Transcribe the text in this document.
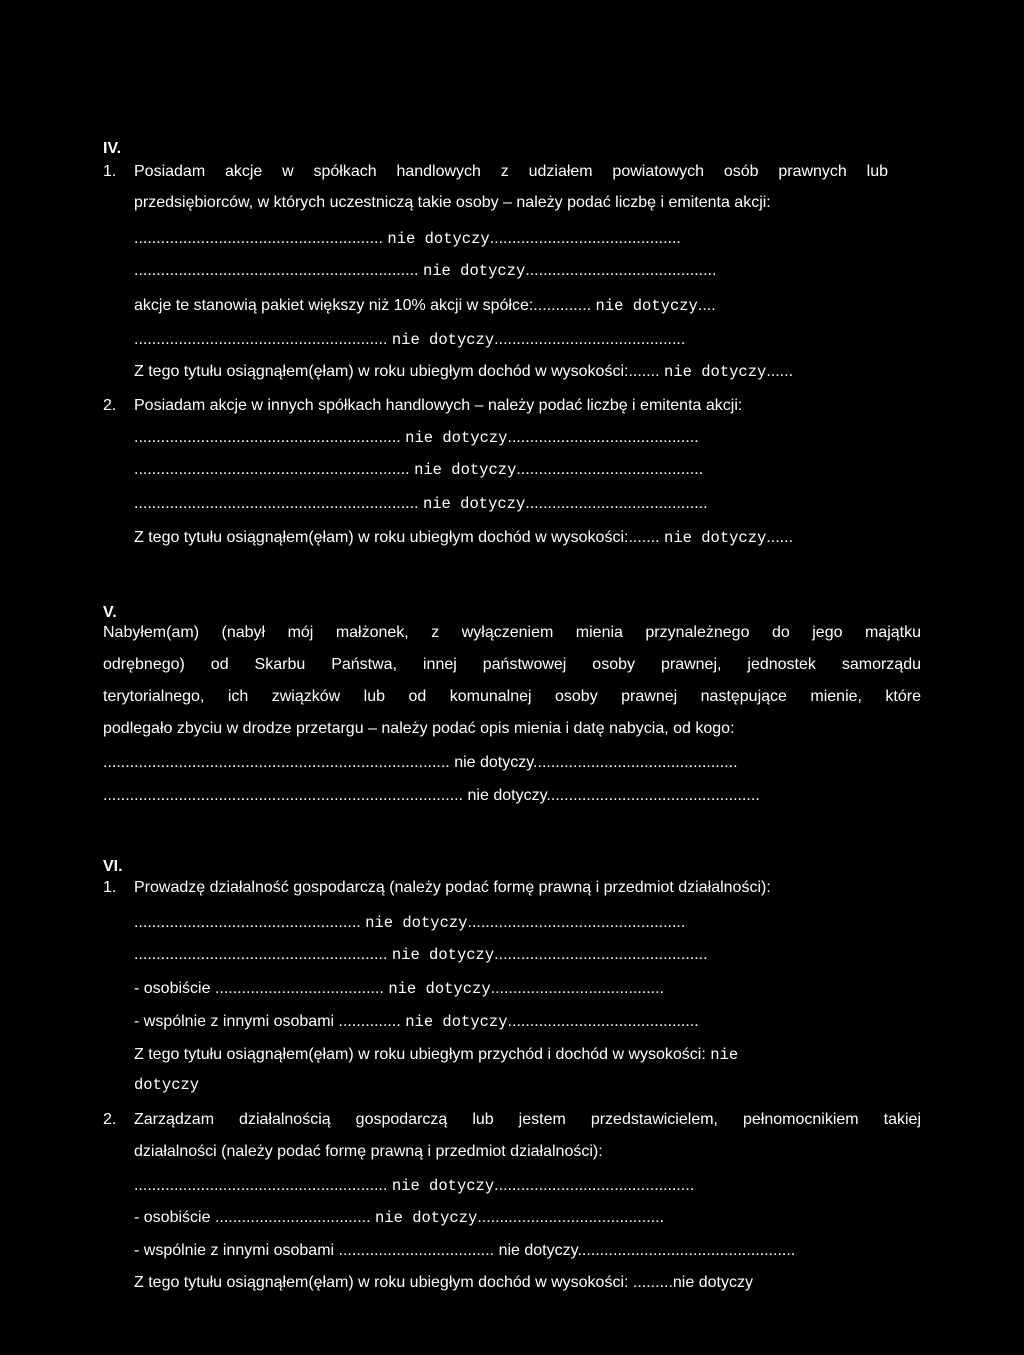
IV.
1. Posiadam akcje w spółkach handlowych z udziałem powiatowych osób prawnych lub
przedsiębiorców, w których uczestniczą takie osoby – należy podać liczbę i emitenta akcji:
........................................................ nie dotyczy...........................................
................................................................ nie dotyczy...........................................
akcje te stanowią pakiet większy niż 10% akcji w spółce:............. nie dotyczy....
......................................................... nie dotyczy...........................................
Z tego tytułu osiągnąłem(ęłam) w roku ubiegłym dochód w wysokości:....... nie dotyczy......
2. Posiadam akcje w innych spółkach handlowych – należy podać liczbę i emitenta akcji:
............................................................ nie dotyczy...........................................
.............................................................. nie dotyczy..........................................
................................................................ nie dotyczy.........................................
Z tego tytułu osiągnąłem(ęłam) w roku ubiegłym dochód w wysokości:....... nie dotyczy......
V.
Nabyłem(am) (nabył mój małżonek, z wyłączeniem mienia przynależnego do jego majątku
odrębnego) od Skarbu Państwa, innej państwowej osoby prawnej, jednostek samorządu
terytorialnego, ich związków lub od komunalnej osoby prawnej następujące mienie, które
podlegało zbyciu w drodze przetargu – należy podać opis mienia i datę nabycia, od kogo:
.............................................................................. nie dotyczy..............................................
................................................................................. nie dotyczy................................................
VI.
1. Prowadzę działalność gospodarczą (należy podać formę prawną i przedmiot działalności):
................................................... nie dotyczy.................................................
......................................................... nie dotyczy................................................
- osobiście ...................................... nie dotyczy.......................................
- wspólnie z innymi osobami .............. nie dotyczy...........................................
Z tego tytułu osiągnąłem(ęłam) w roku ubiegłym przychód i dochód w wysokości: nie
dotyczy
2. Zarządzam działalnością gospodarczą lub jestem przedstawicielem, pełnomocnikiem takiej
działalności (należy podać formę prawną i przedmiot działalności):
......................................................... nie dotyczy.............................................
- osobiście ................................... nie dotyczy..........................................
- wspólnie z innymi osobami ................................... nie dotyczy.................................................
Z tego tytułu osiągnąłem(ęłam) w roku ubiegłym dochód w wysokości: .........nie dotyczy
